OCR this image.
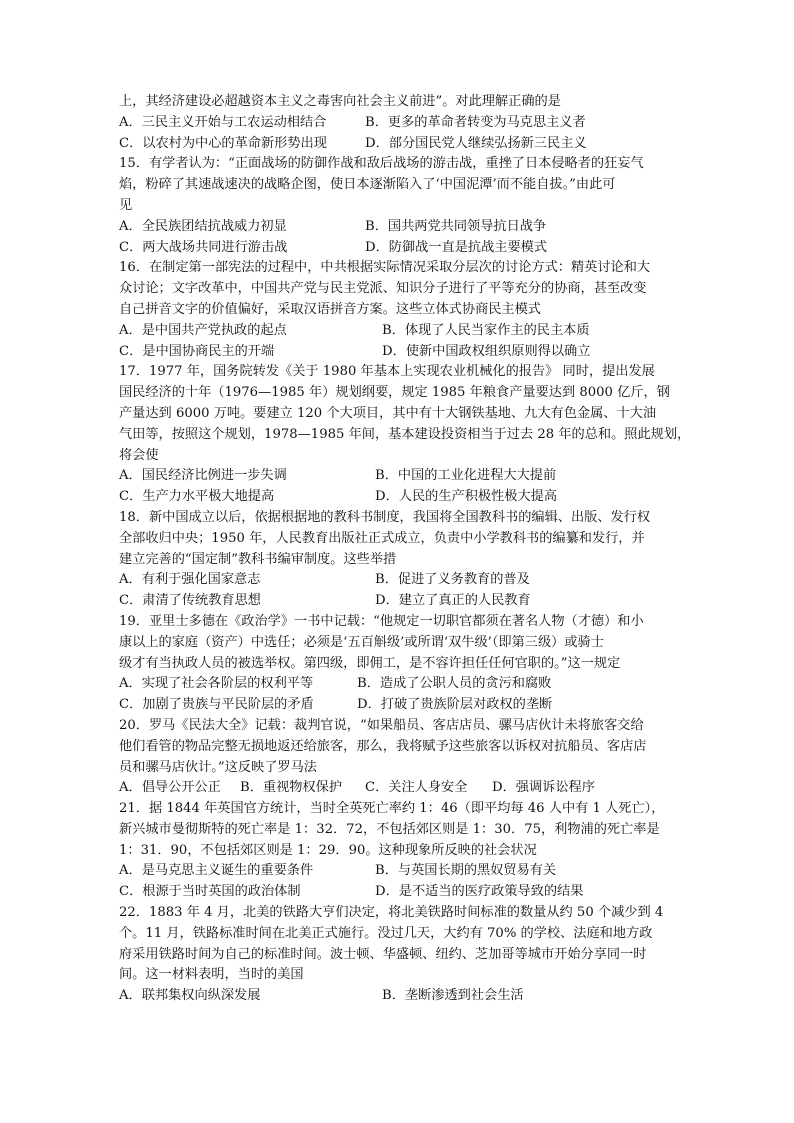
上，其经济建设必超越资本主义之毒害向社会主义前进”。对此理解正确的是
A．三民主义开始与工农运动相结合	B．更多的革命者转变为马克思主义者
C．以农村为中心的革命新形势出现	D．部分国民党人继续弘扬新三民主义
15．有学者认为：“正面战场的防御作战和敌后战场的游击战，重挫了日本侵略者的狂妄气
焰，粉碎了其速战速决的战略企图，使日本逐渐陷入了‘中国泥潭’而不能自拔。”由此可
见
A．全民族团结抗战威力初显	B．国共两党共同领导抗日战争
C．两大战场共同进行游击战	D．防御战一直是抗战主要模式
16．在制定第一部宪法的过程中，中共根据实际情况采取分层次的讨论方式：精英讨论和大
众讨论；文字改革中，中国共产党与民主党派、知识分子进行了平等充分的协商，甚至改变
自己拼音文字的价值偏好，采取汉语拼音方案。这些立体式协商民主模式
A．是中国共产党执政的起点	B．体现了人民当家作主的民主本质
C．是中国协商民主的开端	D．使新中国政权组织原则得以确立
17．1977 年，国务院转发《关于 1980 年基本上实现农业机械化的报告》 同时，提出发展
国民经济的十年（1976—1985 年）规划纲要，规定 1985 年粮食产量要达到 8000 亿斤，钢
产量达到 6000 万吨。要建立 120 个大项目，其中有十大钢铁基地、九大有色金属、十大油
气田等，按照这个规划，1978—1985 年间，基本建设投资相当于过去 28 年的总和。照此规划，
将会使
A．国民经济比例进一步失调	B．中国的工业化进程大大提前
C．生产力水平极大地提高	D．人民的生产积极性极大提高
18．新中国成立以后，依据根据地的教科书制度，我国将全国教科书的编辑、出版、发行权
全部收归中央；1950 年，人民教育出版社正式成立，负责中小学教科书的编纂和发行，并
建立完善的“国定制”教科书编审制度。这些举措
A．有利于强化国家意志	B．促进了义务教育的普及
C．肃清了传统教育思想	D．建立了真正的人民教育
19．亚里士多德在《政治学》一书中记载：“他规定一切职官都须在著名人物（才德）和小
康以上的家庭（资产）中选任；必须是‘五百斛级’或所谓‘双牛级’（即第三级）或骑士
级才有当执政人员的被选举权。第四级，即佣工，是不容许担任任何官职的。”这一规定
A．实现了社会各阶层的权利平等	B．造成了公职人员的贪污和腐败
C．加剧了贵族与平民阶层的矛盾	D．打破了贵族阶层对政权的垄断
20．罗马《民法大全》记载：裁判官说，“如果船员、客店店员、骡马店伙计未将旅客交给
他们看管的物品完整无损地返还给旅客，那么，我将赋予这些旅客以诉权对抗船员、客店店
员和骡马店伙计。”这反映了罗马法
A．倡导公开公正 B．重视物权保护 C．关注人身安全 D．强调诉讼程序
21．据 1844 年英国官方统计，当时全英死亡率约 1：46（即平均每 46 人中有 1 人死亡），
新兴城市曼彻斯特的死亡率是 1：32．72，不包括郊区则是 1：30．75，利物浦的死亡率是
1：31．90，不包括郊区则是 1：29．90。这种现象所反映的社会状况
A．是马克思主义诞生的重要条件	B．与英国长期的黑奴贸易有关
C．根源于当时英国的政治体制	D．是不适当的医疗政策导致的结果
22．1883 年 4 月，北美的铁路大亨们决定，将北美铁路时间标准的数量从约 50 个减少到 4
个。11 月，铁路标准时间在北美正式施行。没过几天，大约有 70% 的学校、法庭和地方政
府采用铁路时间为自己的标准时间。波士顿、华盛顿、纽约、芝加哥等城市开始分享同一时
间。这一材料表明，当时的美国
A．联邦集权向纵深发展	B．垄断渗透到社会生活
